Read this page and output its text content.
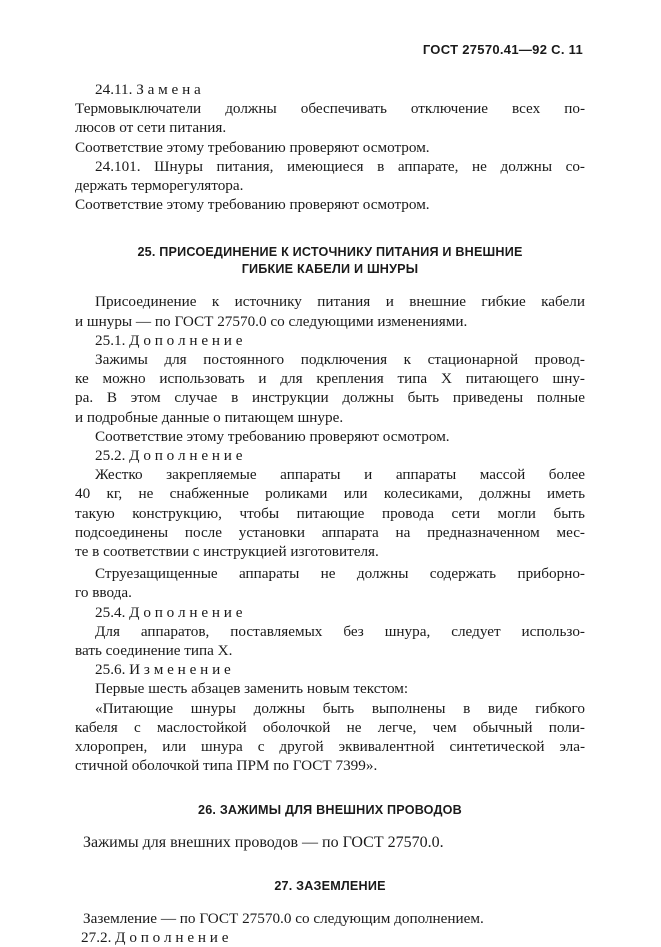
ГОСТ 27570.41—92 С. 11
24.11. З а м е н а
Термовыключатели должны обеспечивать отключение всех по-
люсов от сети питания.
Соответствие этому требованию проверяют осмотром.
24.101. Шнуры питания, имеющиеся в аппарате, не должны со-
держать терморегулятора.
Соответствие этому требованию проверяют осмотром.

25. ПРИСОЕДИНЕНИЕ К ИСТОЧНИКУ ПИТАНИЯ И ВНЕШНИЕ

ГИБКИЕ КАБЕЛИ И ШНУРЫ

Присоединение к источнику питания и внешние гибкие кабели
и шнуры — по ГОСТ 27570.0 со следующими изменениями.
25.1. Д о п о л н е н и е
Зажимы для постоянного подключения к стационарной провод-
ке можно использовать и для крепления типа X питающего шну-
ра. В этом случае в инструкции должны быть приведены полные
и подробные данные о питающем шнуре.
Соответствие этому требованию проверяют осмотром.
25.2. Д о п о л н е н и е
Жестко закрепляемые аппараты и аппараты массой более
40 кг, не снабженные роликами или колесиками, должны иметь
такую конструкцию, чтобы питающие провода сети могли быть
подсоединены после установки аппарата на предназначенном мес-
те в соответствии с инструкцией изготовителя.
Струезащищенные аппараты не должны содержать приборно-
го ввода.
25.4. Д о п о л н е н и е
Для аппаратов, поставляемых без шнура, следует использо-
вать соединение типа X.
25.6. И з м е н е н и е
Первые шесть абзацев заменить новым текстом:
«Питающие шнуры должны быть выполнены в виде гибкого
кабеля с маслостойкой оболочкой не легче, чем обычный поли-
хлоропрен, или шнура с другой эквивалентной синтетической эла-
стичной оболочкой типа ПРМ по ГОСТ 7399».

26. ЗАЖИМЫ ДЛЯ ВНЕШНИХ ПРОВОДОВ

Зажимы для внешних проводов — по ГОСТ 27570.0.

27. ЗАЗЕМЛЕНИЕ

Заземление — по ГОСТ 27570.0 со следующим дополнением.
27.2. Д о п о л н е н и е
